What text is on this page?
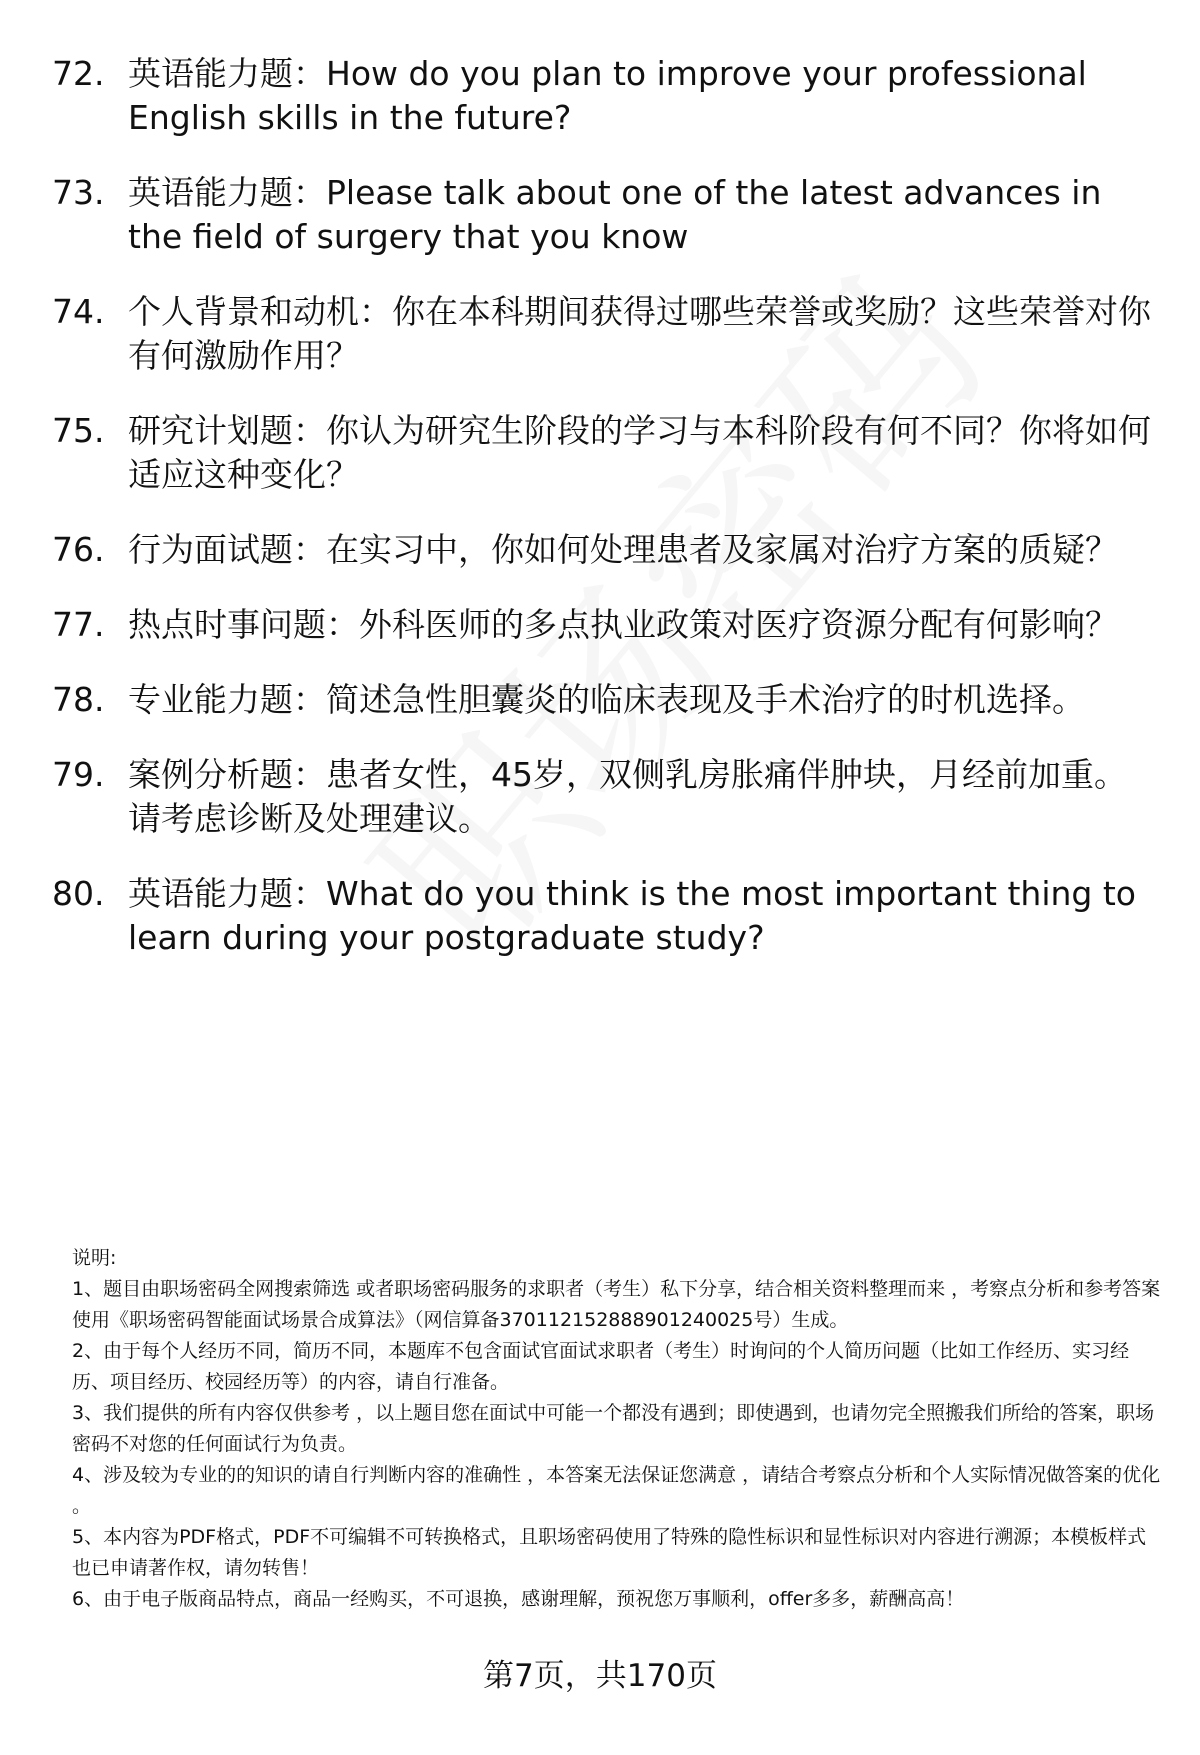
72. 英语能力题：How do you plan to improve your professional English skills in the future?
73. 英语能力题：Please talk about one of the latest advances in the field of surgery that you know
74. 个人背景和动机：你在本科期间获得过哪些荣誉或奖励？这些荣誉对你有何激励作用？
75. 研究计划题：你认为研究生阶段的学习与本科阶段有何不同？你将如何适应这种变化？
76. 行为面试题：在实习中，你如何处理患者及家属对治疗方案的质疑？
77. 热点时事问题：外科医师的多点执业政策对医疗资源分配有何影响？
78. 专业能力题：简述急性胆囊炎的临床表现及手术治疗的时机选择。
79. 案例分析题：患者女性，45岁，双侧乳房胀痛伴肿块，月经前加重。请考虑诊断及处理建议。
80. 英语能力题：What do you think is the most important thing to learn during your postgraduate study?

说明:

1、题目由职场密码全网搜索筛选 或者职场密码服务的求职者（考生）私下分享，结合相关资料整理而来 ，考察点分析和参考答案使用《职场密码智能面试场景合成算法》（网信算备370112152888901240025号）生成。

2、由于每个人经历不同，简历不同，本题库不包含面试官面试求职者（考生）时询问的个人简历问题（比如工作经历、实习经历、项目经历、校园经历等）的内容，请自行准备。

3、我们提供的所有内容仅供参考 ，以上题目您在面试中可能一个都没有遇到；即使遇到，也请勿完全照搬我们所给的答案，职场密码不对您的任何面试行为负责。

4、涉及较为专业的的知识的请自行判断内容的准确性 ，本答案无法保证您满意 ，请结合考察点分析和个人实际情况做答案的优化 。

5、本内容为PDF格式，PDF不可编辑不可转换格式，且职场密码使用了特殊的隐性标识和显性标识对内容进行溯源；本模板样式也已申请著作权，请勿转售！

6、由于电子版商品特点，商品一经购买，不可退换，感谢理解，预祝您万事顺利，offer多多，薪酬高高！

第7页，共170页
